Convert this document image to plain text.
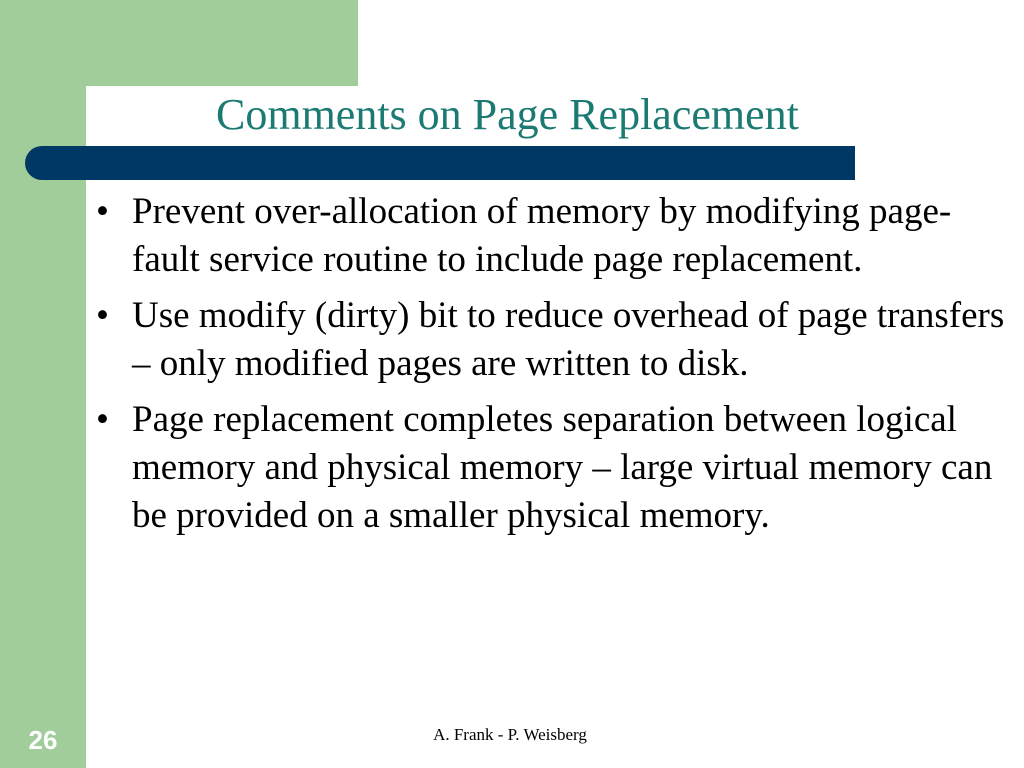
Comments on Page Replacement
• Prevent over-allocation of memory by modifying page-fault service routine to include page replacement.
• Use modify (dirty) bit to reduce overhead of page transfers – only modified pages are written to disk.
• Page replacement completes separation between logical memory and physical memory – large virtual memory can be provided on a smaller physical memory.
26	A. Frank - P. Weisberg
